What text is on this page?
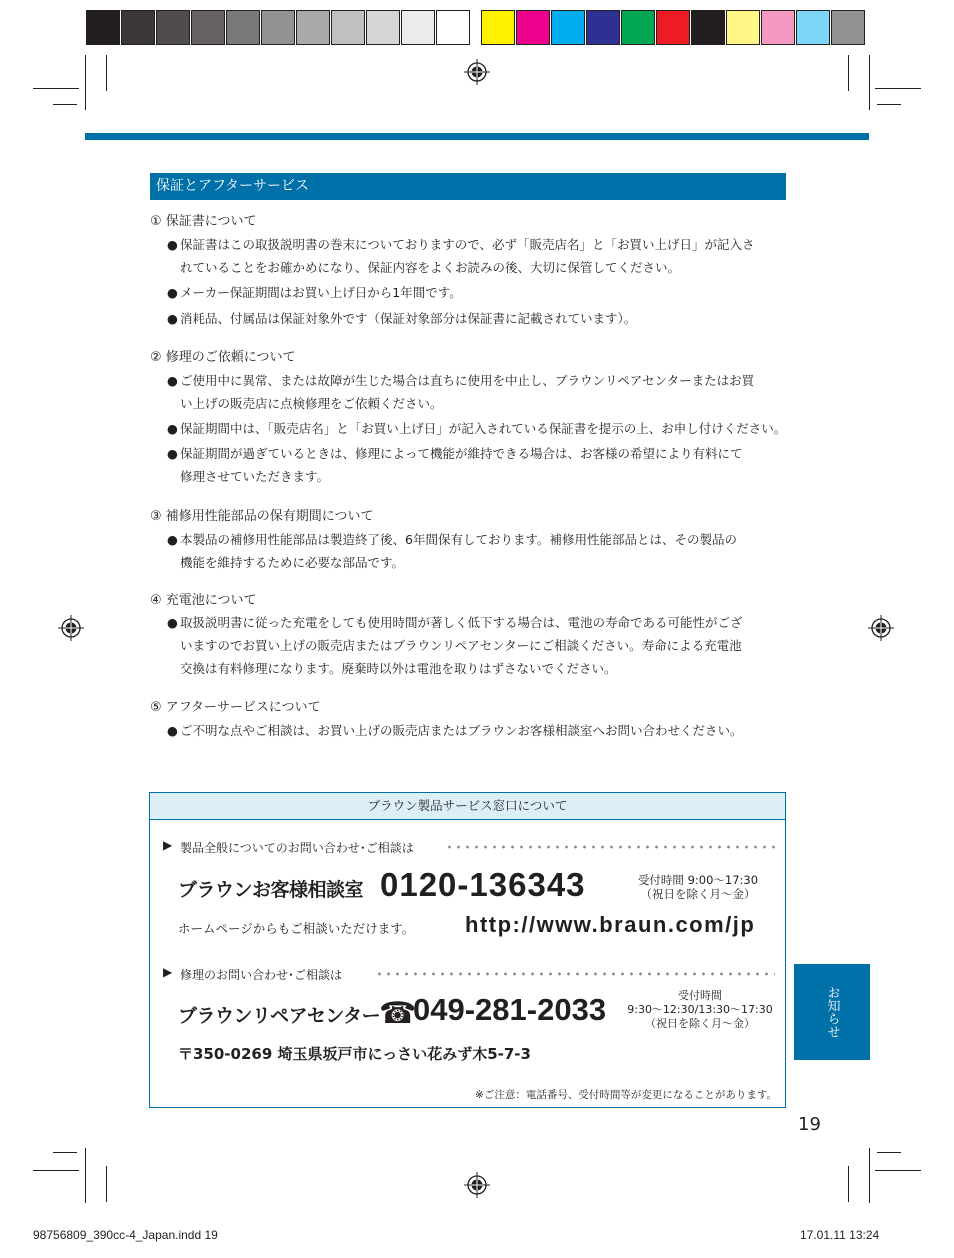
保証とアフターサービス
① 保証書について
● 保証書はこの取扱説明書の巻末についておりますので、必ず「販売店名」と「お買い上げ日」が記入さ
れていることをお確かめになり、保証内容をよくお読みの後、大切に保管してください。
● メーカー保証期間はお買い上げ日から1年間です。
● 消耗品、付属品は保証対象外です（保証対象部分は保証書に記載されています）。
② 修理のご依頼について
● ご使用中に異常、または故障が生じた場合は直ちに使用を中止し、ブラウンリペアセンターまたはお買
い上げの販売店に点検修理をご依頼ください。
● 保証期間中は、「販売店名」と「お買い上げ日」が記入されている保証書を提示の上、お申し付けください。
● 保証期間が過ぎているときは、修理によって機能が維持できる場合は、お客様の希望により有料にて
修理させていただきます。
③ 補修用性能部品の保有期間について
● 本製品の補修用性能部品は製造終了後、6年間保有しております。補修用性能部品とは、その製品の
機能を維持するために必要な部品です。
④ 充電池について
● 取扱説明書に従った充電をしても使用時間が著しく低下する場合は、電池の寿命である可能性がござ
いますのでお買い上げの販売店またはブラウンリペアセンターにご相談ください。寿命による充電池
交換は有料修理になります。廃棄時以外は電池を取りはずさないでください。
⑤ アフターサービスについて
● ご不明な点やご相談は、お買い上げの販売店またはブラウンお客様相談室へお問い合わせください。
ブラウン製品サービス窓口について
▶ 製品全般についてのお問い合わせ･ご相談は
ブラウンお客様相談室 0120-136343	受付時間 9:00～17:30
（祝日を除く月～金）
ホームページからもご相談いただけます。 http://www.braun.com/jp
▶ 修理のお問い合わせ･ご相談は
ブラウンリペアセンター
☎
049-281-2033	受付時間
9:30～12:30/13:30～17:30
（祝日を除く月～金）
〒350-0269 埼玉県坂戸市にっさい花みず木5-7-3
※ご注意：電話番号、受付時間等が変更になることがあります。
お知らせ
19
98756809_390cc-4_Japan.indd 19	17.01.11 13:24
